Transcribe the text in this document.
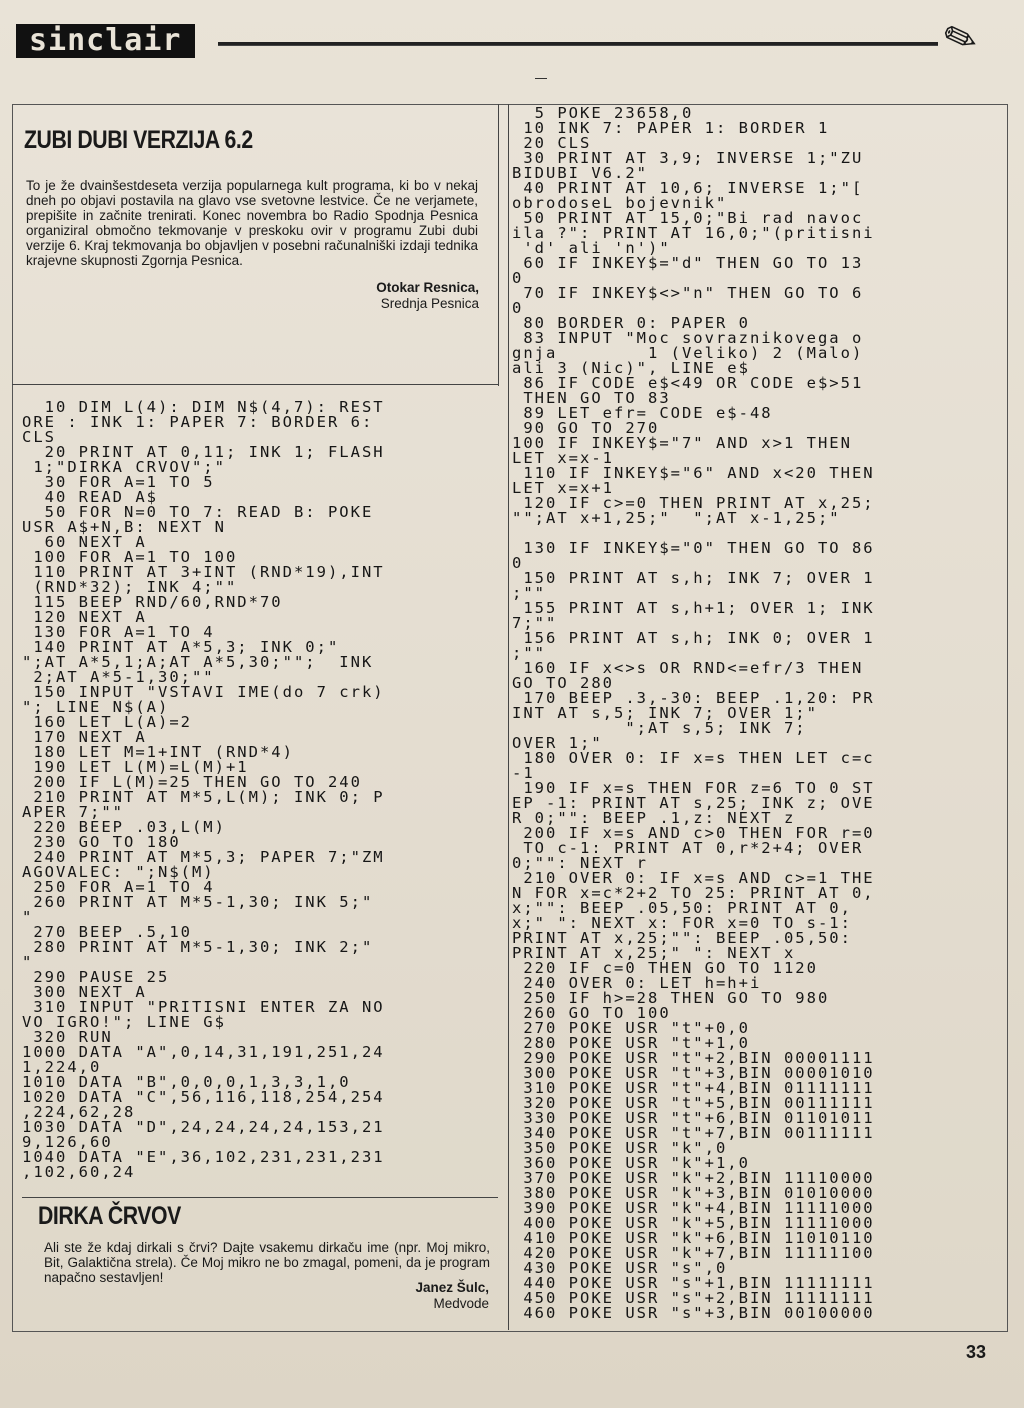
sinclair	✎
ZUBI DUBI VERZIJA 6.2
To je že dvainšestdeseta verzija popularnega kult programa, ki bo v nekaj dneh po objavi postavila na glavo vse svetovne lestvice. Če ne verjamete, prepišite in začnite trenirati. Konec novembra bo Radio Spodnja Pesnica organiziral območno tekmovanje v preskoku ovir v programu Zubi dubi verzije 6. Kraj tekmovanja bo objavljen v posebni računalniški izdaji tednika krajevne skupnosti Zgornja Pesnica.
Otokar Resnica,
Srednja Pesnica
10 DIM L(4): DIM N$(4,7): REST
ORE : INK 1: PAPER 7: BORDER 6:
CLS
20 PRINT AT 0,11; INK 1; FLASH
1;"DIRKA CRVOV";"
30 FOR A=1 TO 5
40 READ A$
50 FOR N=0 TO 7: READ B: POKE
USR A$+N,B: NEXT N
60 NEXT A
100 FOR A=1 TO 100
110 PRINT AT 3+INT (RND*19),INT
(RND*32); INK 4;""
115 BEEP RND/60,RND*70
120 NEXT A
130 FOR A=1 TO 4
140 PRINT AT A*5,3; INK 0;"
";AT A*5,1;A;AT A*5,30;"";  INK
2;AT A*5-1,30;""
150 INPUT "VSTAVI IME(do 7 crk)
"; LINE N$(A)
160 LET L(A)=2
170 NEXT A
180 LET M=1+INT (RND*4)
190 LET L(M)=L(M)+1
200 IF L(M)=25 THEN GO TO 240
210 PRINT AT M*5,L(M); INK 0; P
APER 7;""
220 BEEP .03,L(M)
230 GO TO 180
240 PRINT AT M*5,3; PAPER 7;"ZM
AGOVALEC: ";N$(M)
250 FOR A=1 TO 4
260 PRINT AT M*5-1,30; INK 5;"
"
270 BEEP .5,10
280 PRINT AT M*5-1,30; INK 2;"
"
290 PAUSE 25
300 NEXT A
310 INPUT "PRITISNI ENTER ZA NO
VO IGRO!"; LINE G$
320 RUN
1000 DATA "A",0,14,31,191,251,24
1,224,0
1010 DATA "B",0,0,0,1,3,3,1,0
1020 DATA "C",56,116,118,254,254
,224,62,28
1030 DATA "D",24,24,24,24,153,21
9,126,60
1040 DATA "E",36,102,231,231,231
,102,60,24
DIRKA ČRVOV
Ali ste že kdaj dirkali s črvi? Dajte vsakemu dirkaču ime (npr. Moj mikro, Bit, Galaktična strela). Če Moj mikro ne bo zmagal, pomeni, da je program napačno sestavljen!
Janez Šulc,
Medvode
5 POKE 23658,0
10 INK 7: PAPER 1: BORDER 1
20 CLS
30 PRINT AT 3,9; INVERSE 1;"ZU
BIDUBI V6.2"
40 PRINT AT 10,6; INVERSE 1;"[
obrodoseL bojevnik"
50 PRINT AT 15,0;"Bi rad navoc
ila ?": PRINT AT 16,0;"(pritisni
'd' ali 'n')"
60 IF INKEY$="d" THEN GO TO 13
0
70 IF INKEY$<>"n" THEN GO TO 6
0
80 BORDER 0: PAPER 0
83 INPUT "Moc sovraznikovega o
gnja        1 (Veliko) 2 (Malo)
ali 3 (Nic)", LINE e$
86 IF CODE e$<49 OR CODE e$>51
THEN GO TO 83
89 LET efr= CODE e$-48
90 GO TO 270
100 IF INKEY$="7" AND x>1 THEN
LET x=x-1
110 IF INKEY$="6" AND x<20 THEN
LET x=x+1
120 IF c>=0 THEN PRINT AT x,25;
"";AT x+1,25;"  ";AT x-1,25;"
130 IF INKEY$="0" THEN GO TO 86
0
150 PRINT AT s,h; INK 7; OVER 1
;""
155 PRINT AT s,h+1; OVER 1; INK
7;""
156 PRINT AT s,h; INK 0; OVER 1
;""
160 IF x<>s OR RND<=efr/3 THEN
GO TO 280
170 BEEP .3,-30: BEEP .1,20: PR
INT AT s,5; INK 7; OVER 1;"
";AT s,5; INK 7;
OVER 1;"
180 OVER 0: IF x=s THEN LET c=c
-1
190 IF x=s THEN FOR z=6 TO 0 ST
EP -1: PRINT AT s,25; INK z; OVE
R 0;"": BEEP .1,z: NEXT z
200 IF x=s AND c>0 THEN FOR r=0
TO c-1: PRINT AT 0,r*2+4; OVER
0;"": NEXT r
210 OVER 0: IF x=s AND c>=1 THE
N FOR x=c*2+2 TO 25: PRINT AT 0,
x;"": BEEP .05,50: PRINT AT 0,
x;" ": NEXT x: FOR x=0 TO s-1:
PRINT AT x,25;"": BEEP .05,50:
PRINT AT x,25;" ": NEXT x
220 IF c=0 THEN GO TO 1120
240 OVER 0: LET h=h+i
250 IF h>=28 THEN GO TO 980
260 GO TO 100
270 POKE USR "t"+0,0
280 POKE USR "t"+1,0
290 POKE USR "t"+2,BIN 00001111
300 POKE USR "t"+3,BIN 00001010
310 POKE USR "t"+4,BIN 01111111
320 POKE USR "t"+5,BIN 00111111
330 POKE USR "t"+6,BIN 01101011
340 POKE USR "t"+7,BIN 00111111
350 POKE USR "k",0
360 POKE USR "k"+1,0
370 POKE USR "k"+2,BIN 11110000
380 POKE USR "k"+3,BIN 01010000
390 POKE USR "k"+4,BIN 11111000
400 POKE USR "k"+5,BIN 11111000
410 POKE USR "k"+6,BIN 11010110
420 POKE USR "k"+7,BIN 11111100
430 POKE USR "s",0
440 POKE USR "s"+1,BIN 11111111
450 POKE USR "s"+2,BIN 11111111
460 POKE USR "s"+3,BIN 00100000
33
